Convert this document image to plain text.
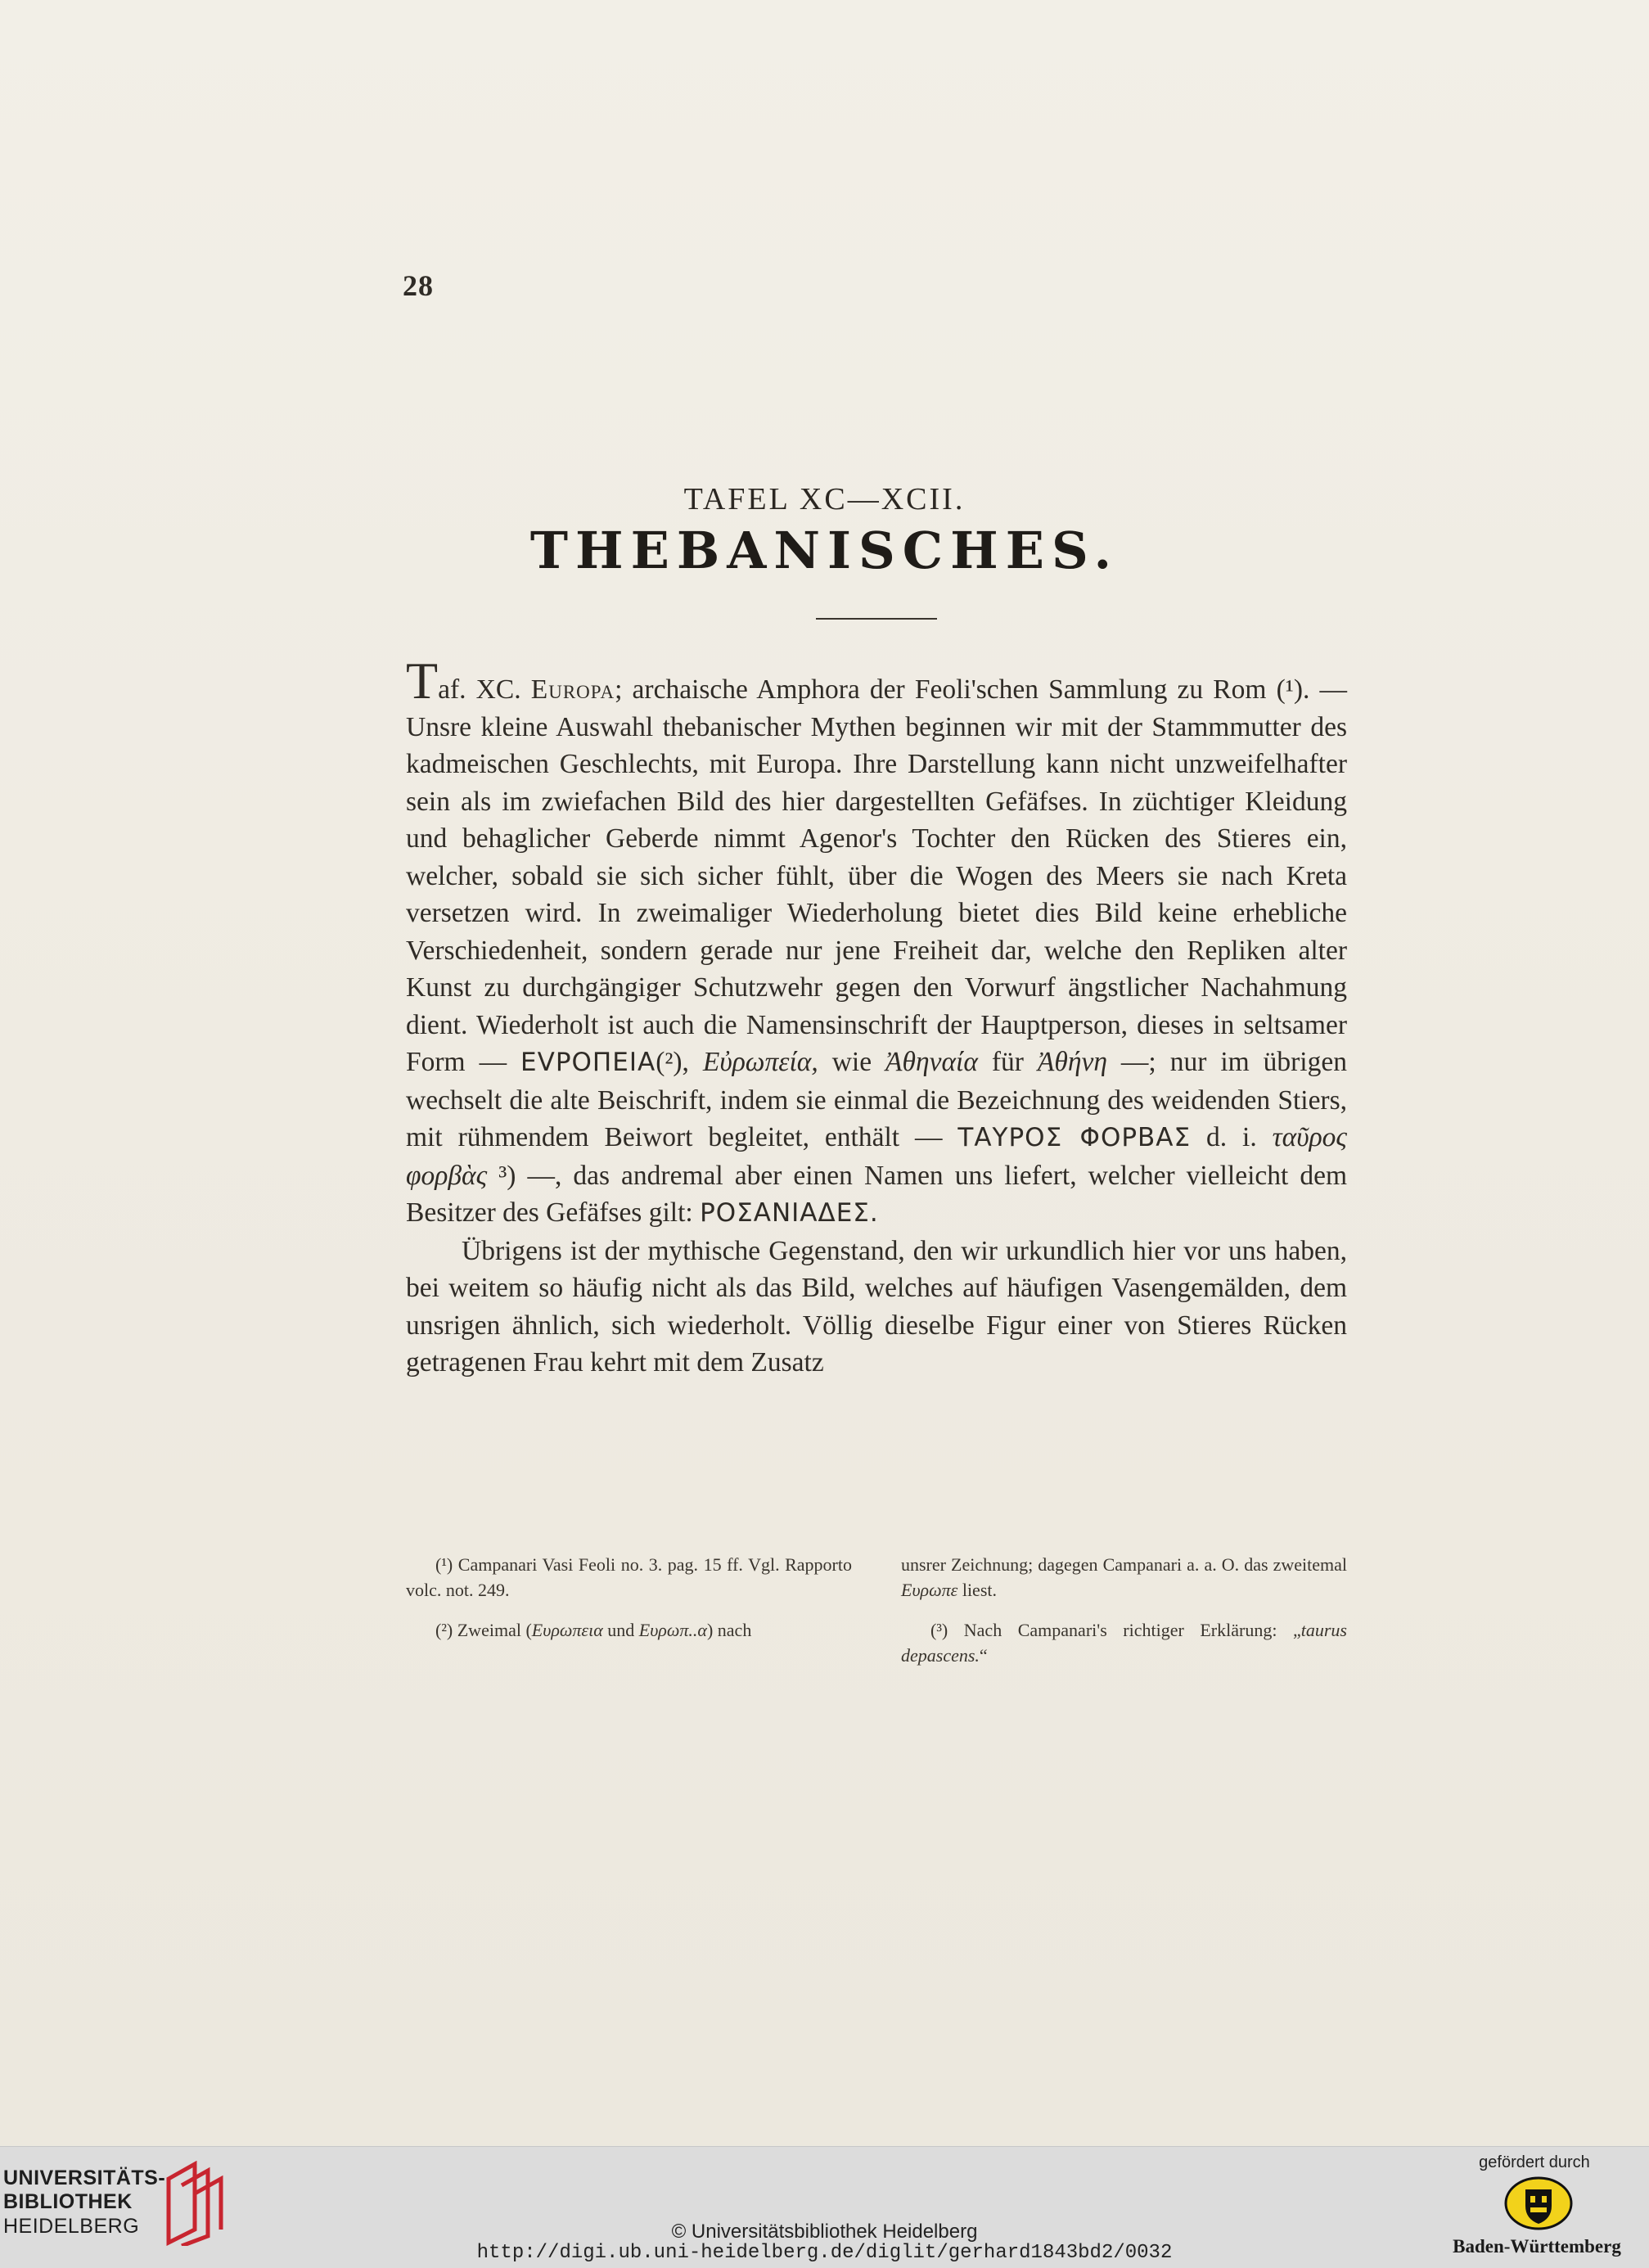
28
TAFEL XC—XCII.
THEBANISCHES.

Taf. XC. Europa; archaische Amphora der Feoli'schen Sammlung zu Rom (¹). — Unsre kleine Auswahl thebanischer Mythen beginnen wir mit der Stammmutter des kadmeischen Geschlechts, mit Europa. Ihre Darstellung kann nicht unzweifelhafter sein als im zwiefachen Bild des hier dargestellten Gefäfses. In züchtiger Kleidung und behaglicher Geberde nimmt Agenor's Tochter den Rücken des Stieres ein, welcher, sobald sie sich sicher fühlt, über die Wogen des Meers sie nach Kreta versetzen wird. In zweimaliger Wiederholung bietet dies Bild keine erhebliche Verschiedenheit, sondern gerade nur jene Freiheit dar, welche den Repliken alter Kunst zu durchgängiger Schutzwehr gegen den Vorwurf ängstlicher Nachahmung dient. Wiederholt ist auch die Namensinschrift der Hauptperson, dieses in seltsamer Form — ΕVΡΟΠΕΙΑ(²), Εὐρωπεία, wie Ἀθηναία für Ἀθήνη —; nur im übrigen wechselt die alte Beischrift, indem sie einmal die Bezeichnung des weidenden Stiers, mit rühmendem Beiwort begleitet, enthält — ΤΑΥΡΟΣ ΦΟΡΒΑΣ d. i. ταῦρος φορβὰς ³) —, das andremal aber einen Namen uns liefert, welcher vielleicht dem Besitzer des Gefäfses gilt: ΡΟΣΑΝΙΑΔΕΣ.

Übrigens ist der mythische Gegenstand, den wir urkundlich hier vor uns haben, bei weitem so häufig nicht als das Bild, welches auf häufigen Vasengemälden, dem unsrigen ähnlich, sich wiederholt. Völlig dieselbe Figur einer von Stieres Rücken getragenen Frau kehrt mit dem Zusatz

(¹) Campanari Vasi Feoli no. 3. pag. 15 ff. Vgl. Rapporto volc. not. 249.

(²) Zweimal (Ευρωπεια und Ευρωπ..α) nach

unsrer Zeichnung; dagegen Campanari a. a. O. das zweitemal Ευρωπε liest.

(³) Nach Campanari's richtiger Erklärung: „taurus depascens.“

UNIVERSITÄTS-
BIBLIOTHEK
HEIDELBERG	© Universitätsbibliothek Heidelberg
http://digi.ub.uni-heidelberg.de/diglit/gerhard1843bd2/0032
gefördert durch
Baden-Württemberg
